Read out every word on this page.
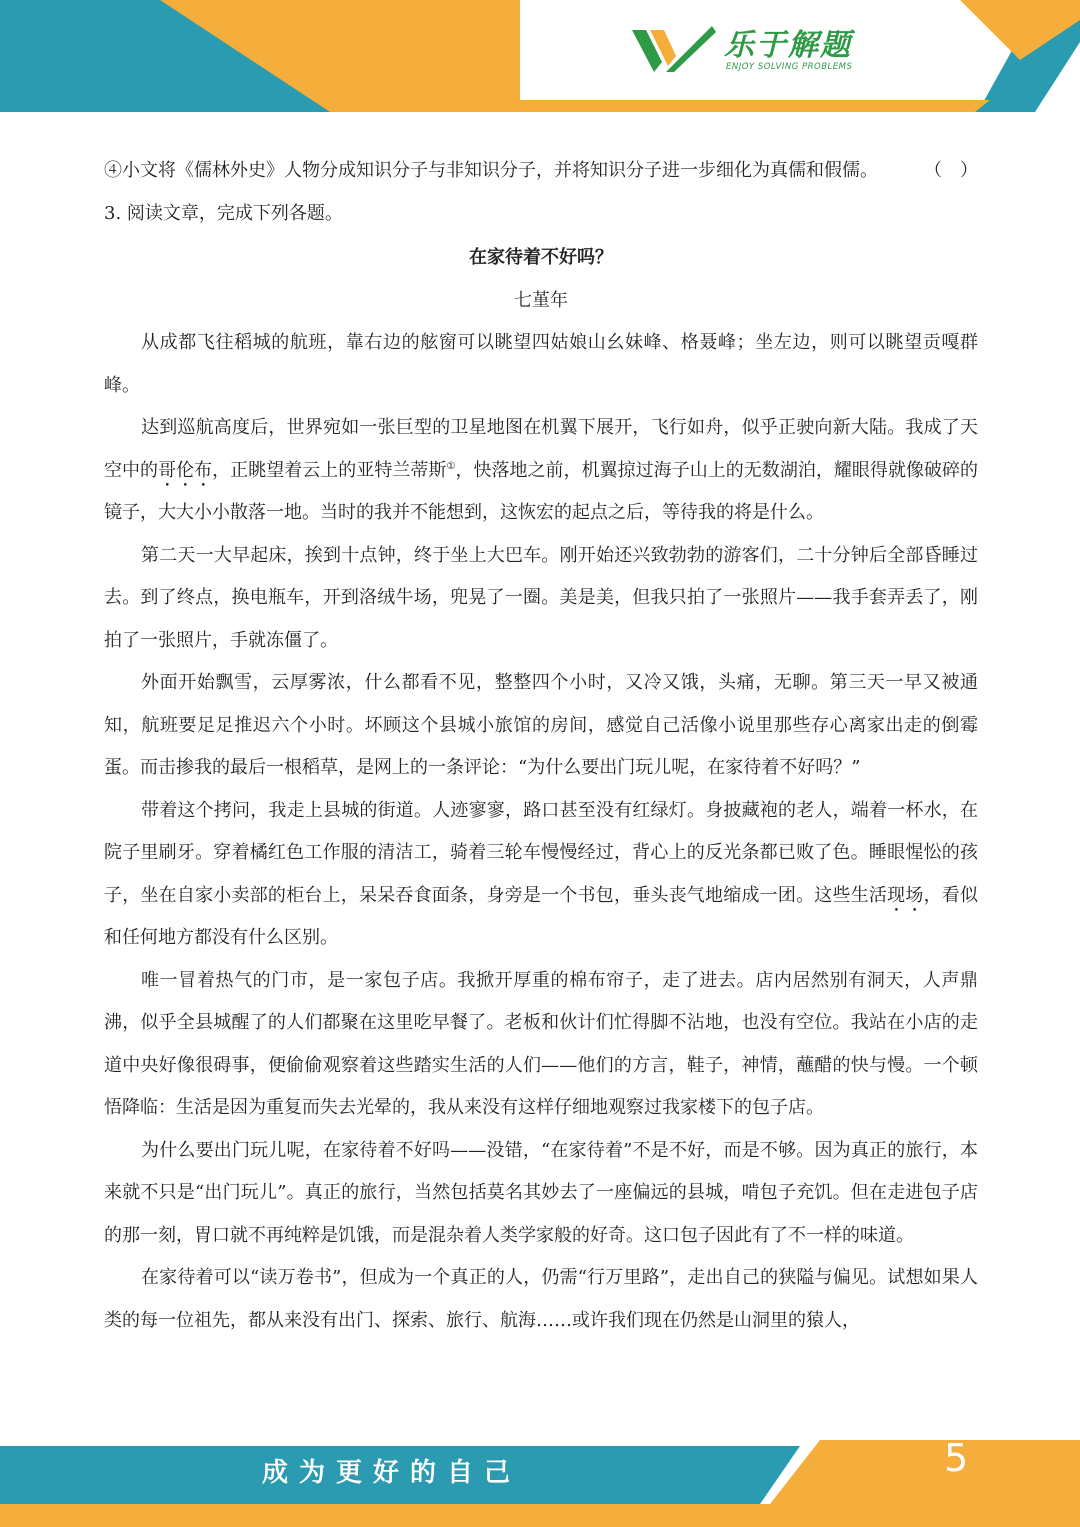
乐于解题
ENJOY SOLVING PROBLEMS

④小文将《儒林外史》人物分成知识分子与非知识分子，并将知识分子进一步细化为真儒和假儒。	（　）

3. 阅读文章，完成下列各题。

在家待着不好吗？

七堇年

从成都飞往稻城的航班，靠右边的舷窗可以眺望四姑娘山幺妹峰、格聂峰；坐左边，则可以眺望贡嘎群峰。

达到巡航高度后，世界宛如一张巨型的卫星地图在机翼下展开，飞行如舟，似乎正驶向新大陆。我成了天空中的哥伦布，正眺望着云上的亚特兰蒂斯①，快落地之前，机翼掠过海子山上的无数湖泊，耀眼得就像破碎的镜子，大大小小散落一地。当时的我并不能想到，这恢宏的起点之后，等待我的将是什么。

第二天一大早起床，挨到十点钟，终于坐上大巴车。刚开始还兴致勃勃的游客们，二十分钟后全部昏睡过去。到了终点，换电瓶车，开到洛绒牛场，兜晃了一圈。美是美，但我只拍了一张照片——我手套弄丢了，刚拍了一张照片，手就冻僵了。

外面开始飘雪，云厚雾浓，什么都看不见，整整四个小时，又冷又饿，头痛，无聊。第三天一早又被通知，航班要足足推迟六个小时。坏顾这个县城小旅馆的房间，感觉自己活像小说里那些存心离家出走的倒霉蛋。而击掺我的最后一根稻草，是网上的一条评论：“为什么要出门玩儿呢，在家待着不好吗？”

带着这个拷问，我走上县城的街道。人迹寥寥，路口甚至没有红绿灯。身披藏袍的老人，端着一杯水，在院子里刷牙。穿着橘红色工作服的清洁工，骑着三轮车慢慢经过，背心上的反光条都已败了色。睡眼惺忪的孩子，坐在自家小卖部的柜台上，呆呆吞食面条，身旁是一个书包，垂头丧气地缩成一团。这些生活现场，看似和任何地方都没有什么区别。

唯一冒着热气的门市，是一家包子店。我掀开厚重的棉布帘子，走了进去。店内居然别有洞天，人声鼎沸，似乎全县城醒了的人们都聚在这里吃早餐了。老板和伙计们忙得脚不沾地，也没有空位。我站在小店的走道中央好像很碍事，便偷偷观察着这些踏实生活的人们——他们的方言，鞋子，神情，蘸醋的快与慢。一个顿悟降临：生活是因为重复而失去光晕的，我从来没有这样仔细地观察过我家楼下的包子店。

为什么要出门玩儿呢，在家待着不好吗——没错，“在家待着”不是不好，而是不够。因为真正的旅行，本来就不只是“出门玩儿”。真正的旅行，当然包括莫名其妙去了一座偏远的县城，啃包子充饥。但在走进包子店的那一刻，胃口就不再纯粹是饥饿，而是混杂着人类学家般的好奇。这口包子因此有了不一样的味道。

在家待着可以“读万卷书”，但成为一个真正的人，仍需“行万里路”，走出自己的狭隘与偏见。试想如果人类的每一位祖先，都从来没有出门、探索、旅行、航海……或许我们现在仍然是山洞里的猿人，

成为更好的自己	5
